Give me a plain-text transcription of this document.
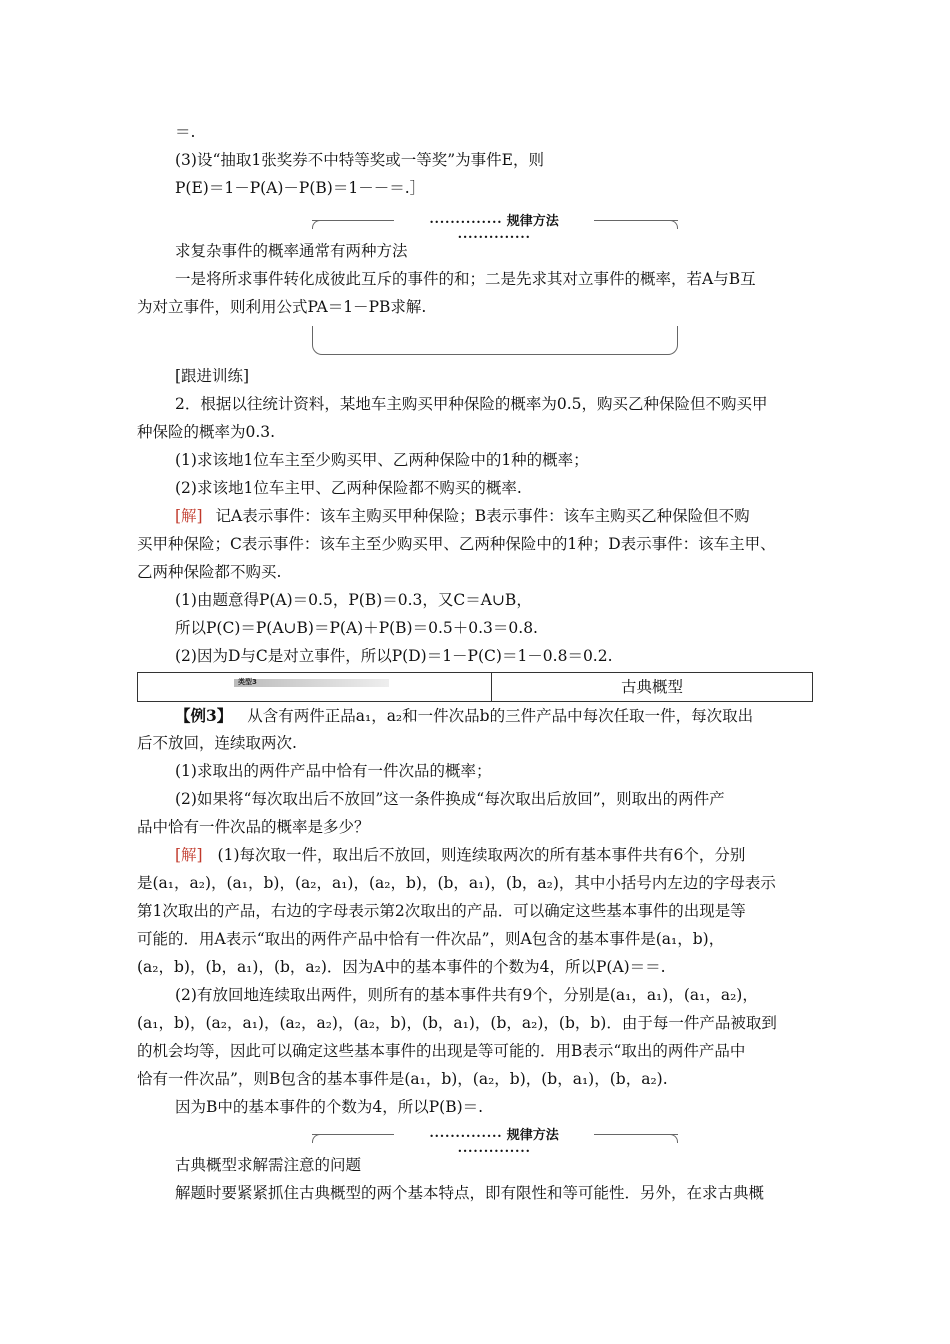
＝.
(3)设“抽取1张奖券不中特等奖或一等奖”为事件E，则
P(E)＝1－P(A)－P(B)＝1－－＝.］
•••••••••••••• 规律方法 ••••••••••••••
求复杂事件的概率通常有两种方法
一是将所求事件转化成彼此互斥的事件的和；二是先求其对立事件的概率，若A与B互
为对立事件，则利用公式PA＝1－PB求解.
[跟进训练]
2．根据以往统计资料，某地车主购买甲种保险的概率为0.5，购买乙种保险但不购买甲
种保险的概率为0.3.
(1)求该地1位车主至少购买甲、乙两种保险中的1种的概率；
(2)求该地1位车主甲、乙两种保险都不购买的概率.
[解] 记A表示事件：该车主购买甲种保险；B表示事件：该车主购买乙种保险但不购
买甲种保险；C表示事件：该车主至少购买甲、乙两种保险中的1种；D表示事件：该车主甲、
乙两种保险都不购买.
(1)由题意得P(A)＝0.5，P(B)＝0.3，又C＝A∪B，
所以P(C)＝P(A∪B)＝P(A)＋P(B)＝0.5＋0.3＝0.8.
(2)因为D与C是对立事件，所以P(D)＝1－P(C)＝1－0.8＝0.2.
类型3	古典概型
【例3】 从含有两件正品a₁，a₂和一件次品b的三件产品中每次任取一件，每次取出
后不放回，连续取两次.
(1)求取出的两件产品中恰有一件次品的概率；
(2)如果将“每次取出后不放回”这一条件换成“每次取出后放回”，则取出的两件产
品中恰有一件次品的概率是多少？
[解] (1)每次取一件，取出后不放回，则连续取两次的所有基本事件共有6个，分别
是(a₁，a₂)，(a₁，b)，(a₂，a₁)，(a₂，b)，(b，a₁)，(b，a₂)，其中小括号内左边的字母表示
第1次取出的产品，右边的字母表示第2次取出的产品．可以确定这些基本事件的出现是等
可能的．用A表示“取出的两件产品中恰有一件次品”，则A包含的基本事件是(a₁，b)，
(a₂，b)，(b，a₁)，(b，a₂)．因为A中的基本事件的个数为4，所以P(A)＝＝.
(2)有放回地连续取出两件，则所有的基本事件共有9个，分别是(a₁，a₁)，(a₁，a₂)，
(a₁，b)，(a₂，a₁)，(a₂，a₂)，(a₂，b)，(b，a₁)，(b，a₂)，(b，b)．由于每一件产品被取到
的机会均等，因此可以确定这些基本事件的出现是等可能的．用B表示“取出的两件产品中
恰有一件次品”，则B包含的基本事件是(a₁，b)，(a₂，b)，(b，a₁)，(b，a₂).
因为B中的基本事件的个数为4，所以P(B)＝.
•••••••••••••• 规律方法 ••••••••••••••
古典概型求解需注意的问题
解题时要紧紧抓住古典概型的两个基本特点，即有限性和等可能性．另外，在求古典概
